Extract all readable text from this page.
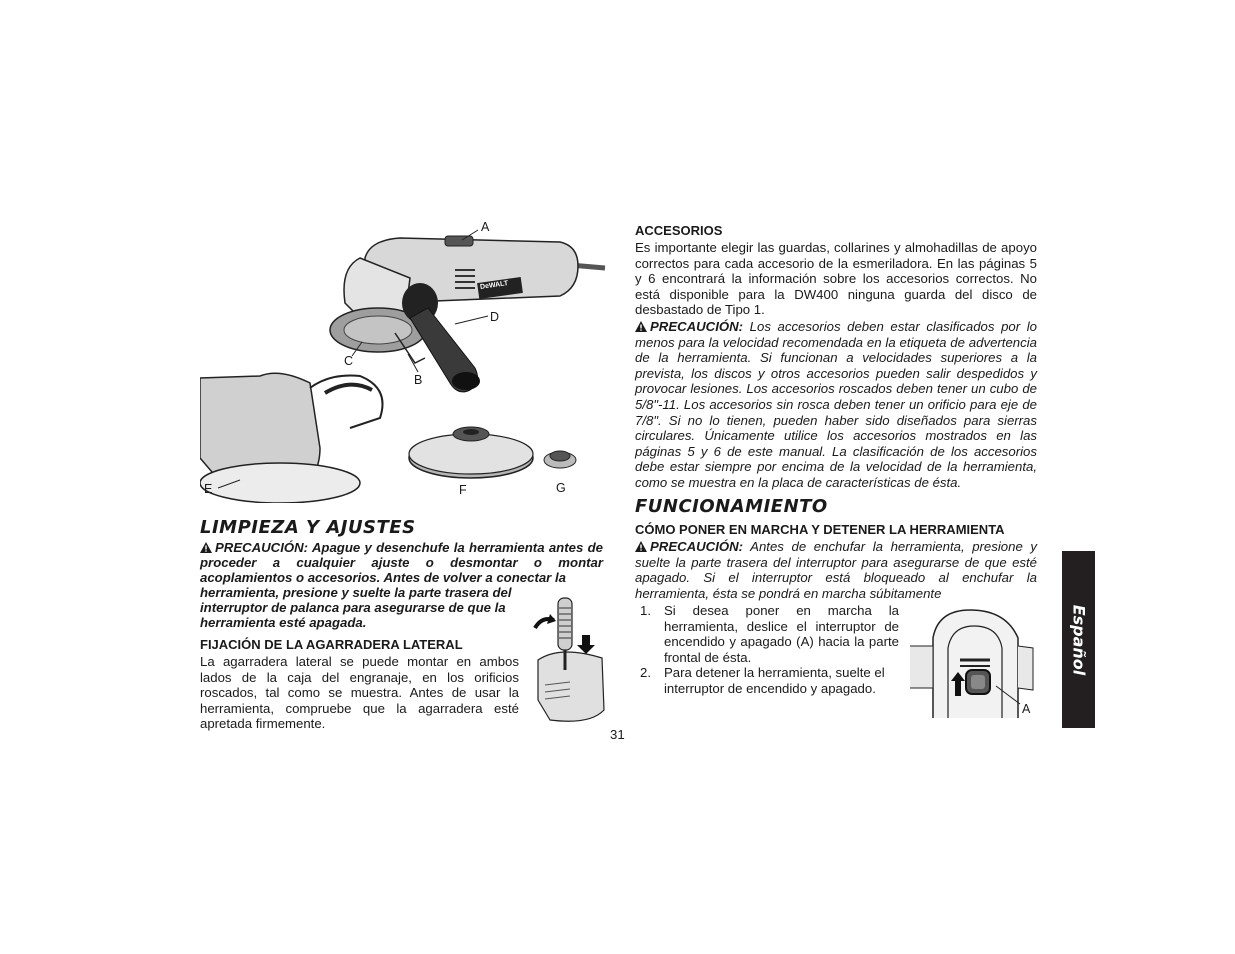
A
D
C
B
E	F	G
DeWALT
LIMPIEZA Y AJUSTES
PRECAUCIÓN: Apague y desenchufe la herramienta antes de proceder a cualquier ajuste o desmontar o montar acoplamientos o accesorios. Antes de volver a conectar la
herramienta, presione y suelte la parte trasera del
interruptor de palanca para asegurarse de que la
herramienta esté apagada.
FIJACIÓN DE LA AGARRADERA LATERAL
La agarradera lateral se puede montar en ambos lados de la caja del engranaje, en los orificios roscados, tal como se muestra. Antes de usar la herramienta, compruebe que la agarradera esté apretada firmemente.
31
ACCESORIOS
Es importante elegir las guardas, collarines y almohadillas de apoyo correctos para cada accesorio de la esmeriladora. En las páginas 5 y 6 encontrará la información sobre los accesorios correctos. No está disponible para la DW400 ninguna guarda del disco de desbastado de Tipo 1.
PRECAUCIÓN: Los accesorios deben estar clasificados por lo menos para la velocidad recomendada en la etiqueta de advertencia de la herramienta. Si funcionan a velocidades superiores a la prevista, los discos y otros accesorios pueden salir despedidos y provocar lesiones. Los accesorios roscados deben tener un cubo de 5/8"-11. Los accesorios sin rosca deben tener un orificio para eje de 7/8". Si no lo tienen, pueden haber sido diseñados para sierras circulares. Únicamente utilice los accesorios mostrados en las páginas 5 y 6 de este manual. La clasificación de los accesorios debe estar siempre por encima de la velocidad de la herramienta, como se muestra en la placa de características de ésta.
FUNCIONAMIENTO
CÓMO PONER EN MARCHA Y DETENER LA HERRAMIENTA
PRECAUCIÓN: Antes de enchufar la herramienta, presione y suelte la parte trasera del interruptor para asegurarse de que esté apagado. Si el interruptor está bloqueado al enchufar la herramienta, ésta se pondrá en marcha súbitamente
1. Si desea poner en marcha la herramienta, deslice el interruptor de encendido y apagado (A) hacia la parte frontal de ésta.
2. Para detener la herramienta, suelte el interruptor de encendido y apagado.
A
Español
